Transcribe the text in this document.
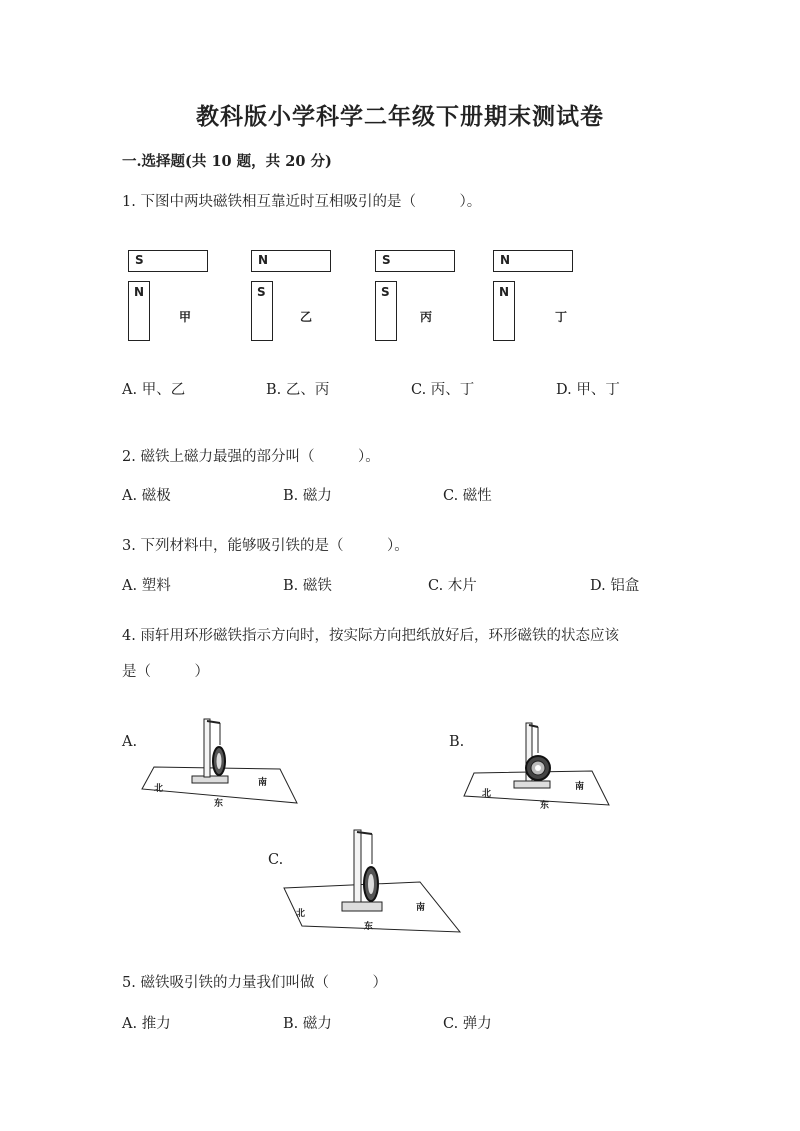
教科版小学科学二年级下册期末测试卷
一.选择题(共 10 题，共 20 分)
1. 下图中两块磁铁相互靠近时互相吸引的是（　　　）。
S
N
甲
N
S
乙
S
S
丙
N
N
丁
A. 甲、乙	B. 乙、丙	C. 丙、丁	D. 甲、丁
2. 磁铁上磁力最强的部分叫（　　　）。
A. 磁极	B. 磁力	C. 磁性
3. 下列材料中，能够吸引铁的是（　　　）。
A. 塑料	B. 磁铁	C. 木片	D. 铝盒
4. 雨轩用环形磁铁指示方向时，按实际方向把纸放好后，环形磁铁的状态应该
是（　　　）
A.
北
南
东
B.
北
南
东
C.
北
南
东
5. 磁铁吸引铁的力量我们叫做（　　　）
A. 推力	B. 磁力	C. 弹力
